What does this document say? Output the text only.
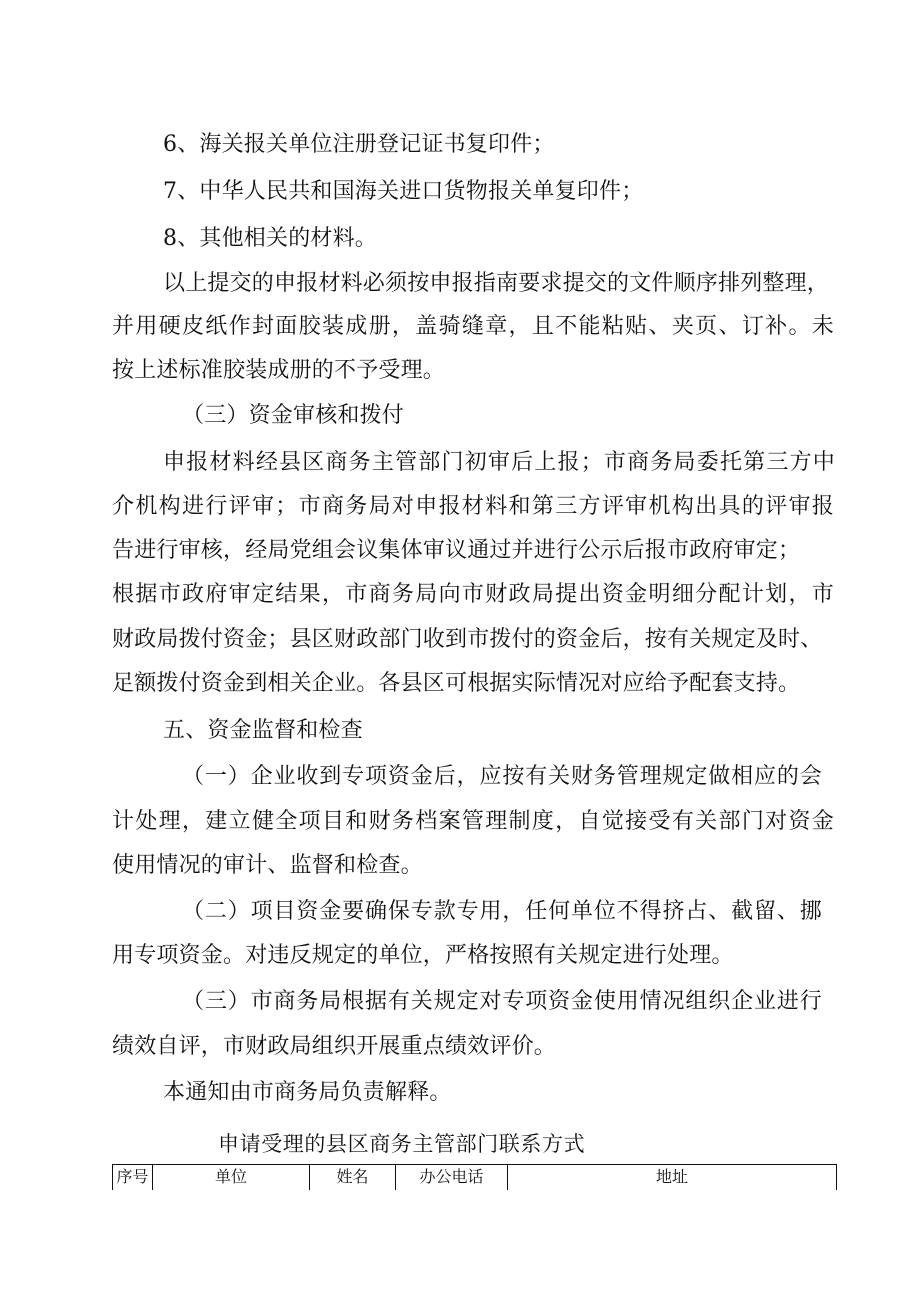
6、海关报关单位注册登记证书复印件；
7、中华人民共和国海关进口货物报关单复印件；
8、其他相关的材料。
以上提交的申报材料必须按申报指南要求提交的文件顺序排列整理，
并用硬皮纸作封面胶装成册，盖骑缝章，且不能粘贴、夹页、订补。未
按上述标准胶装成册的不予受理。
（三）资金审核和拨付
申报材料经县区商务主管部门初审后上报；市商务局委托第三方中
介机构进行评审；市商务局对申报材料和第三方评审机构出具的评审报
告进行审核，经局党组会议集体审议通过并进行公示后报市政府审定；
根据市政府审定结果，市商务局向市财政局提出资金明细分配计划，市
财政局拨付资金；县区财政部门收到市拨付的资金后，按有关规定及时、
足额拨付资金到相关企业。各县区可根据实际情况对应给予配套支持。
五、资金监督和检查
（一）企业收到专项资金后，应按有关财务管理规定做相应的会
计处理，建立健全项目和财务档案管理制度，自觉接受有关部门对资金
使用情况的审计、监督和检查。
（二）项目资金要确保专款专用，任何单位不得挤占、截留、挪
用专项资金。对违反规定的单位，严格按照有关规定进行处理。
（三）市商务局根据有关规定对专项资金使用情况组织企业进行
绩效自评，市财政局组织开展重点绩效评价。
本通知由市商务局负责解释。
申请受理的县区商务主管部门联系方式
序号	单位	姓名	办公电话	地址
